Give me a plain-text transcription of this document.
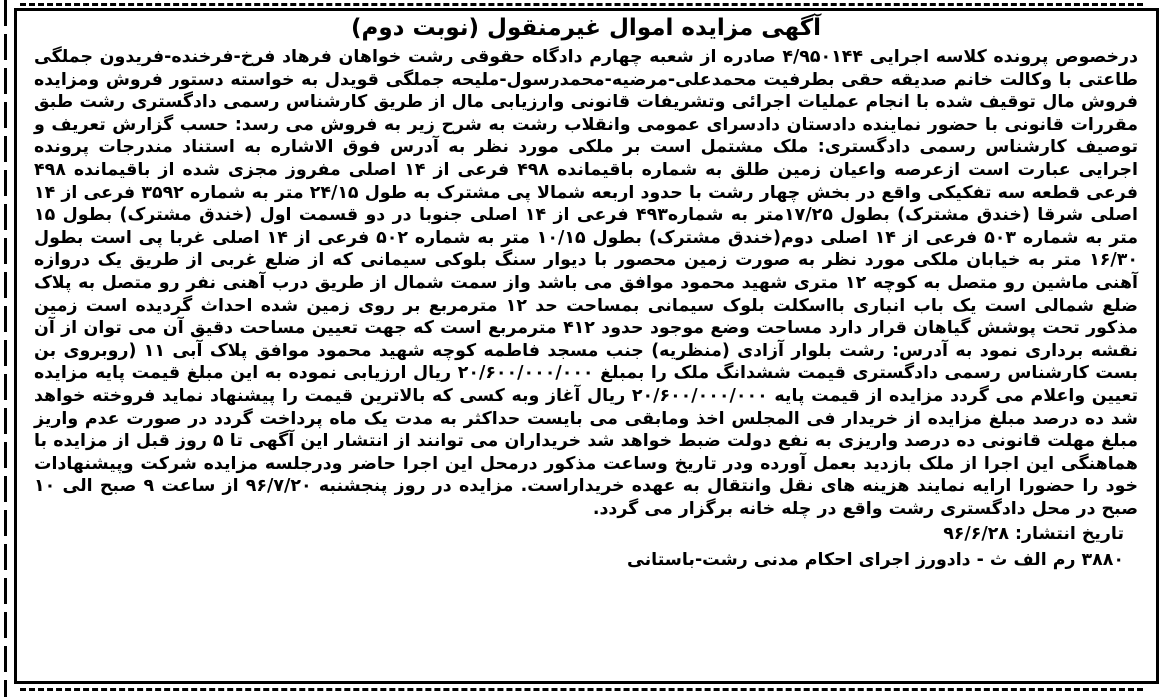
آگهی مزایده اموال غیرمنقول (نوبت دوم)

درخصوص پرونده کلاسه اجرایی ۴/۹۵۰۱۴۴ صادره از شعبه چهارم دادگاه حقوقی رشت خواهان فرهاد فرخ-فرخنده-فریدون جملگی طاعتی با وکالت خانم صدیقه حقی بطرفیت محمدعلی-مرضیه-محمدرسول-ملیحه جملگی قویدل به خواسته دستور فروش ومزایده فروش مال توقیف شده با انجام عملیات اجرائی وتشریفات قانونی وارزیابی مال از طریق کارشناس رسمی دادگستری رشت طبق مقررات قانونی با حضور نماینده دادستان دادسرای عمومی وانقلاب رشت به شرح زیر به فروش می رسد: حسب گزارش تعریف و توصیف کارشناس رسمی دادگستری: ملک مشتمل است بر ملکی مورد نظر به آدرس فوق الاشاره به استناد مندرجات پرونده اجرایی عبارت است ازعرصه واعیان زمین طلق به شماره باقیمانده ۴۹۸ فرعی از ۱۴ اصلی مفروز مجزی شده از باقیمانده ۴۹۸ فرعی قطعه سه تفکیکی واقع در بخش چهار رشت با حدود اربعه شمالا پی مشترک به طول ۲۴/۱۵ متر به شماره ۳۵۹۲ فرعی از ۱۴ اصلی شرقا (خندق مشترک) بطول ۱۷/۲۵متر به شماره۴۹۳ فرعی از ۱۴ اصلی جنوبا در دو قسمت اول (خندق مشترک) بطول ۱۵ متر به شماره ۵۰۳ فرعی از ۱۴ اصلی دوم(خندق مشترک) بطول ۱۰/۱۵ متر به شماره ۵۰۲ فرعی از ۱۴ اصلی غربا پی است بطول ۱۶/۳۰ متر به خیابان ملکی مورد نظر به صورت زمین محصور با دیوار سنگ بلوکی سیمانی که از ضلع غربی از طریق یک دروازه آهنی ماشین رو متصل به کوچه ۱۲ متری شهید محمود موافق می باشد واز سمت شمال از طریق درب آهنی نفر رو متصل به پلاک ضلع شمالی است یک باب انباری بااسکلت بلوک سیمانی بمساحت حد ۱۲ مترمربع بر روی زمین شده احداث گردیده است زمین مذکور تحت پوشش گیاهان قرار دارد مساحت وضع موجود حدود ۴۱۲ مترمربع است که جهت تعیین مساحت دقیق آن می توان از آن نقشه برداری نمود به آدرس: رشت بلوار آزادی (منظریه) جنب مسجد فاطمه کوچه شهید محمود موافق پلاک آبی ۱۱ (روبروی بن بست کارشناس رسمی دادگستری قیمت ششدانگ ملک را بمبلغ ۲۰/۶۰۰/۰۰۰/۰۰۰ ریال ارزیابی نموده به این مبلغ قیمت پایه مزایده تعیین واعلام می گردد مزایده از قیمت پایه ۲۰/۶۰۰/۰۰۰/۰۰۰ ریال آغاز وبه کسی که بالاترین قیمت را پیشنهاد نماید فروخته خواهد شد ده درصد مبلغ مزایده از خریدار فی المجلس اخذ ومابقی می بایست حداکثر به مدت یک ماه پرداخت گردد در صورت عدم واریز مبلغ مهلت قانونی ده درصد واریزی به نفع دولت ضبط خواهد شد خریداران می توانند از انتشار این آگهی تا ۵ روز قبل از مزایده با هماهنگی این اجرا از ملک بازدید بعمل آورده ودر تاریخ وساعت مذکور درمحل این اجرا حاضر ودرجلسه مزایده شرکت وپیشنهادات خود را حضورا ارایه نمایند هزینه های نقل وانتقال به عهده خریداراست. مزایده در روز پنجشنبه ۹۶/۷/۲۰ از ساعت ۹ صبح الی ۱۰ صبح در محل دادگستری رشت واقع در چله خانه برگزار می گردد.

تاریخ انتشار: ۹۶/۶/۲۸
۳۸۸۰ رم الف ث - دادورز اجرای احکام مدنی رشت-باستانی
